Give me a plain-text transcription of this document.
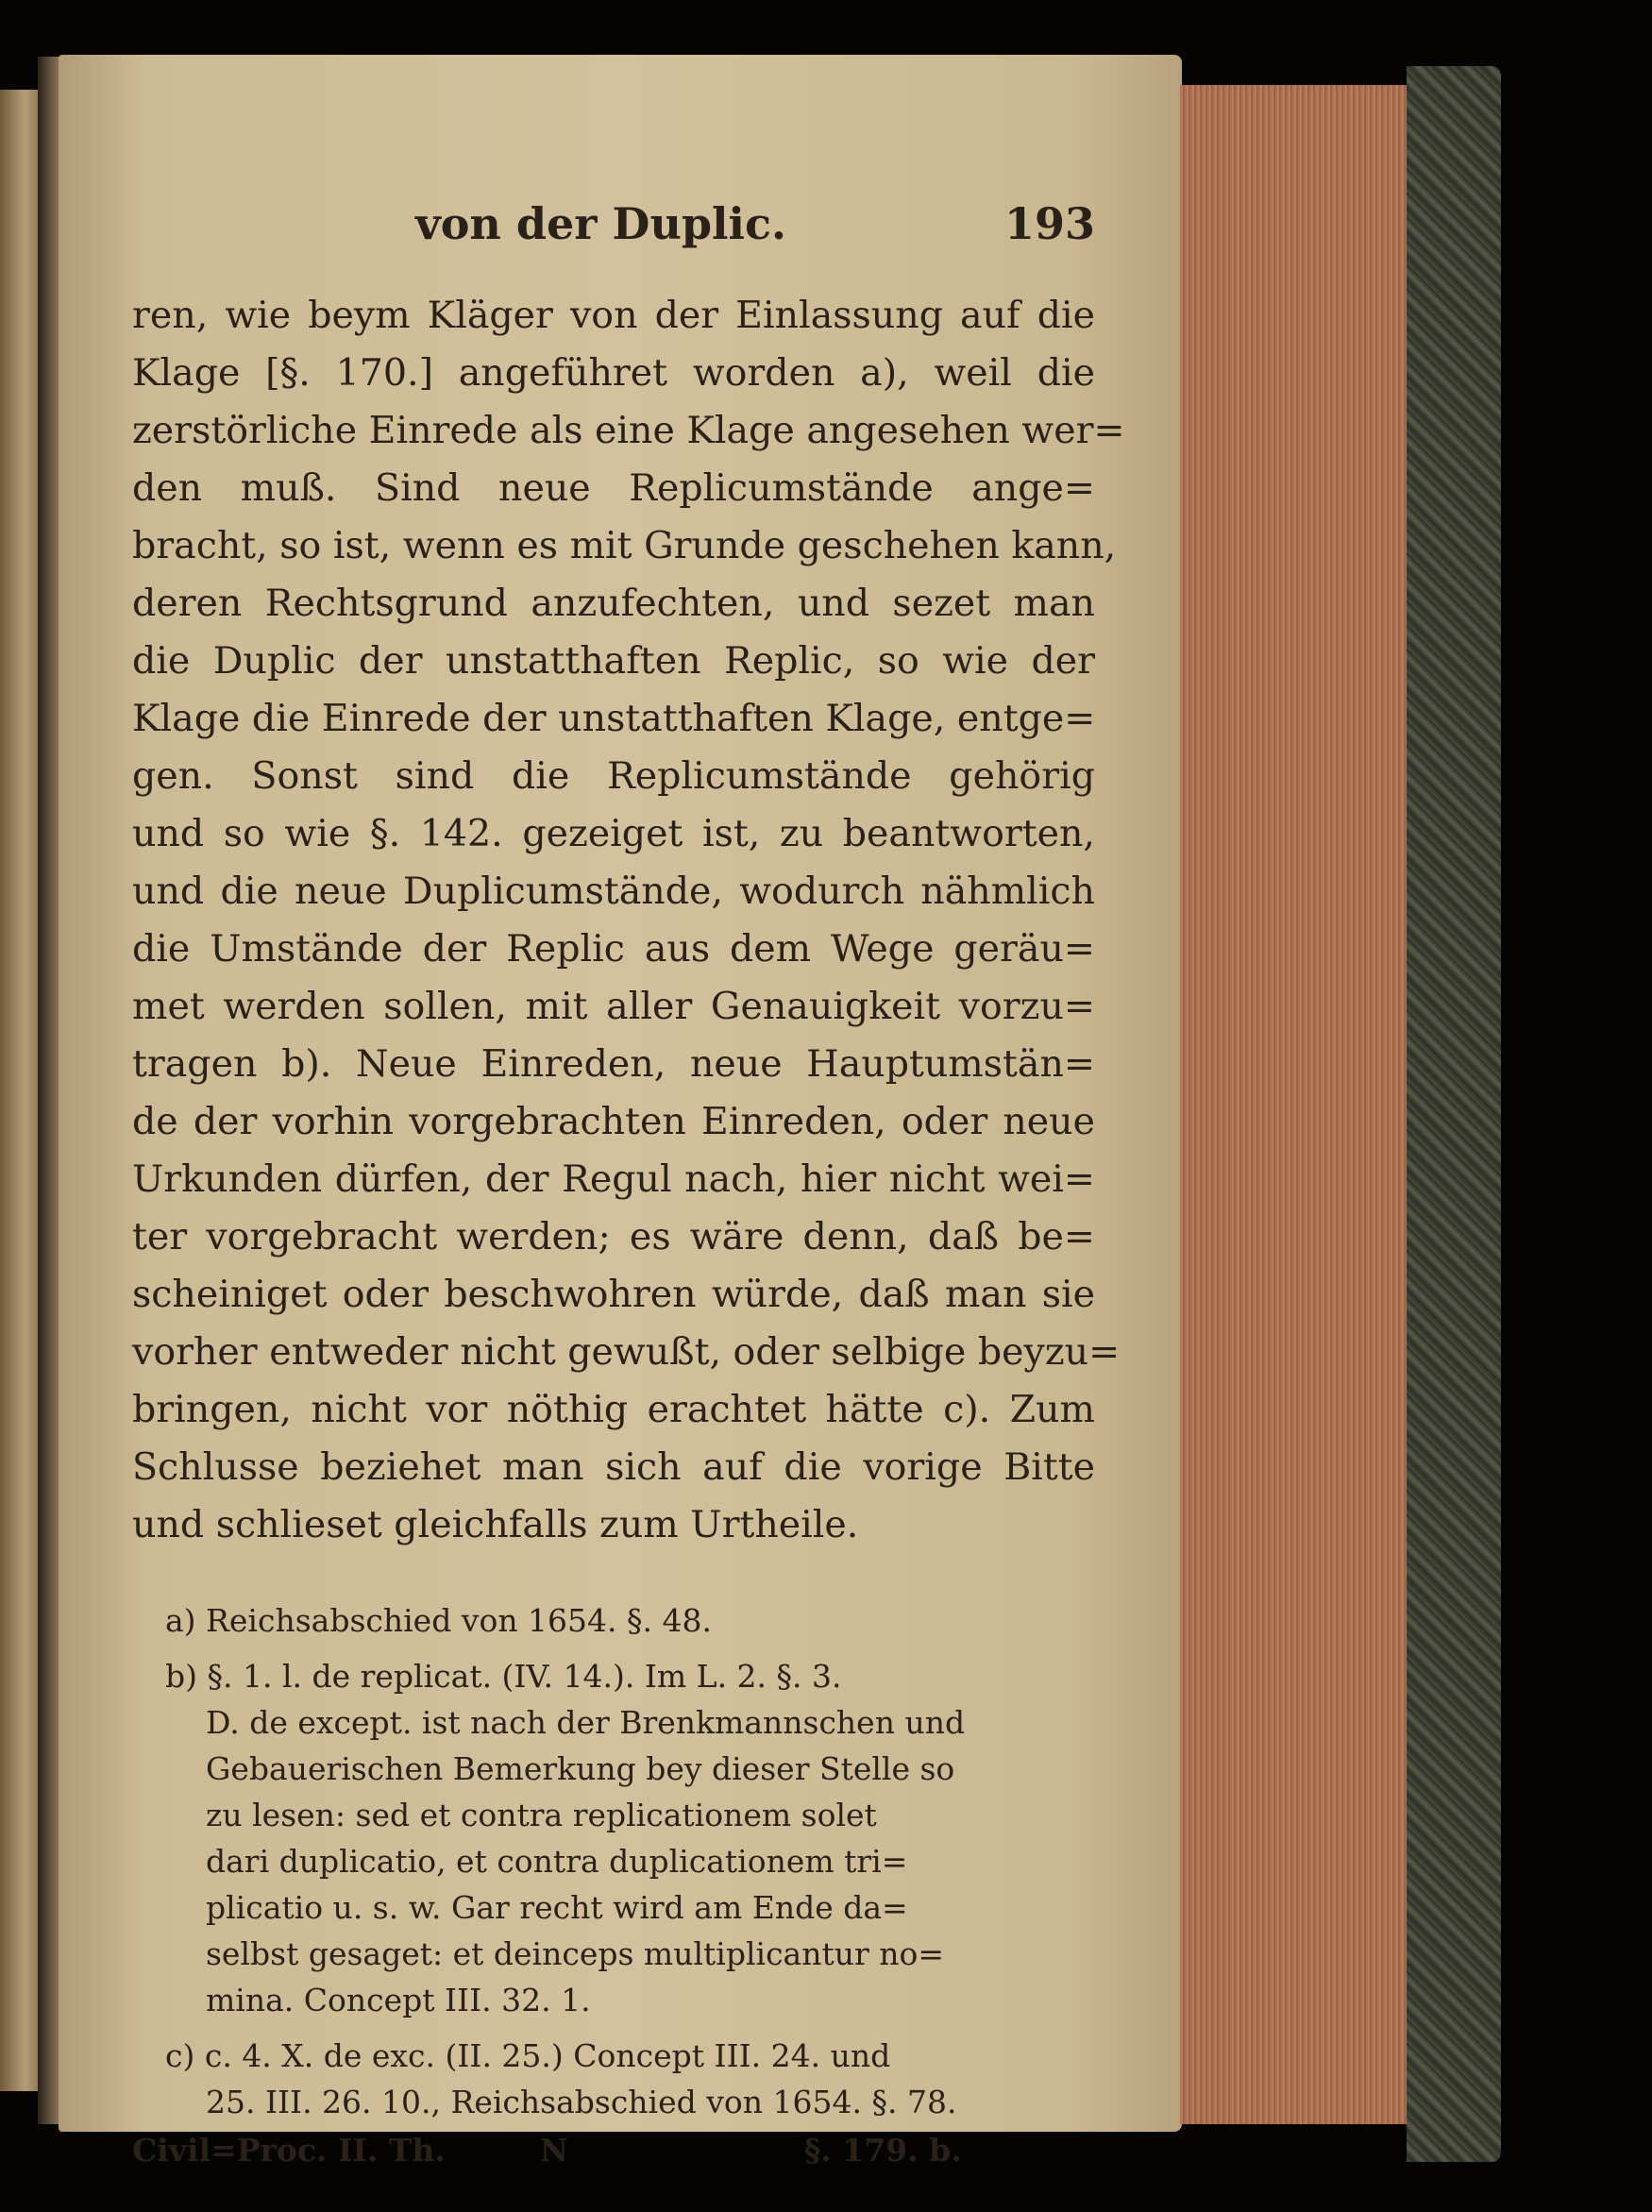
von der Duplic.	193

ren, wie beym Kläger von der Einlassung auf die

Klage [§. 170.] angeführet worden a), weil die

zerstörliche Einrede als eine Klage angesehen wer=

den muß. Sind neue Replicumstände ange=

bracht, so ist, wenn es mit Grunde geschehen kann,

deren Rechtsgrund anzufechten, und sezet man

die Duplic der unstatthaften Replic, so wie der

Klage die Einrede der unstatthaften Klage, entge=

gen. Sonst sind die Replicumstände gehörig

und so wie §. 142. gezeiget ist, zu beantworten,

und die neue Duplicumstände, wodurch nähmlich

die Umstände der Replic aus dem Wege geräu=

met werden sollen, mit aller Genauigkeit vorzu=

tragen b). Neue Einreden, neue Hauptumstän=

de der vorhin vorgebrachten Einreden, oder neue

Urkunden dürfen, der Regul nach, hier nicht wei=

ter vorgebracht werden; es wäre denn, daß be=

scheiniget oder beschwohren würde, daß man sie

vorher entweder nicht gewußt, oder selbige beyzu=

bringen, nicht vor nöthig erachtet hätte c). Zum

Schlusse beziehet man sich auf die vorige Bitte

und schlieset gleichfalls zum Urtheile.

a) Reichsabschied von 1654. §. 48.

b) §. 1. l. de replicat. (IV. 14.). Im L. 2. §. 3.

D. de except. ist nach der Brenkmannschen und

Gebauerischen Bemerkung bey dieser Stelle so

zu lesen: sed et contra replicationem solet

dari duplicatio, et contra duplicationem tri=

plicatio u. s. w. Gar recht wird am Ende da=

selbst gesaget: et deinceps multiplicantur no=

mina. Concept III. 32. 1.

c) c. 4. X. de exc. (II. 25.) Concept III. 24. und

25. III. 26. 10., Reichsabschied von 1654. §. 78.

Civil=Proc. II. Th.	N	§. 179. b.
